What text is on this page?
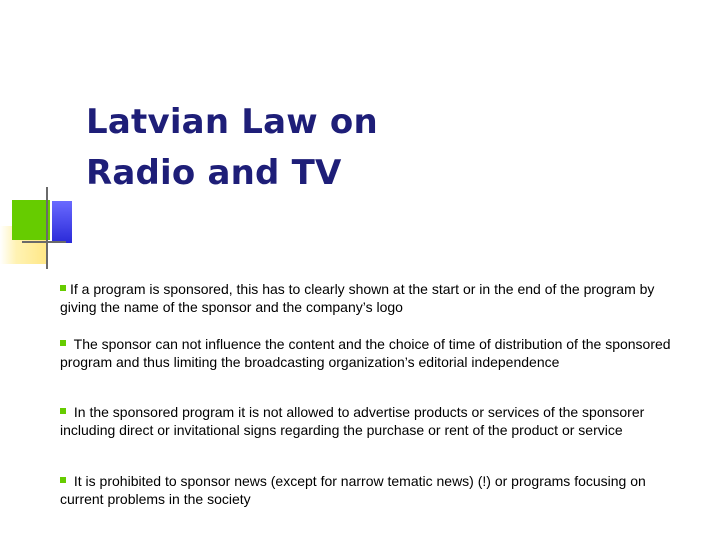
Latvian Law on
Radio and TV

If a program is sponsored, this has to clearly shown at the start or in the end of the program by giving the name of the sponsor and the company’s logo

The sponsor can not influence the content and the choice of time of distribution of the sponsored program and thus limiting the broadcasting organization’s editorial independence

In the sponsored program it is not allowed to advertise products or services of the sponsorer including direct or invitational signs regarding the purchase or rent of the product or service

It is prohibited to sponsor news (except for narrow tematic news) (!) or programs focusing on current problems in the society
